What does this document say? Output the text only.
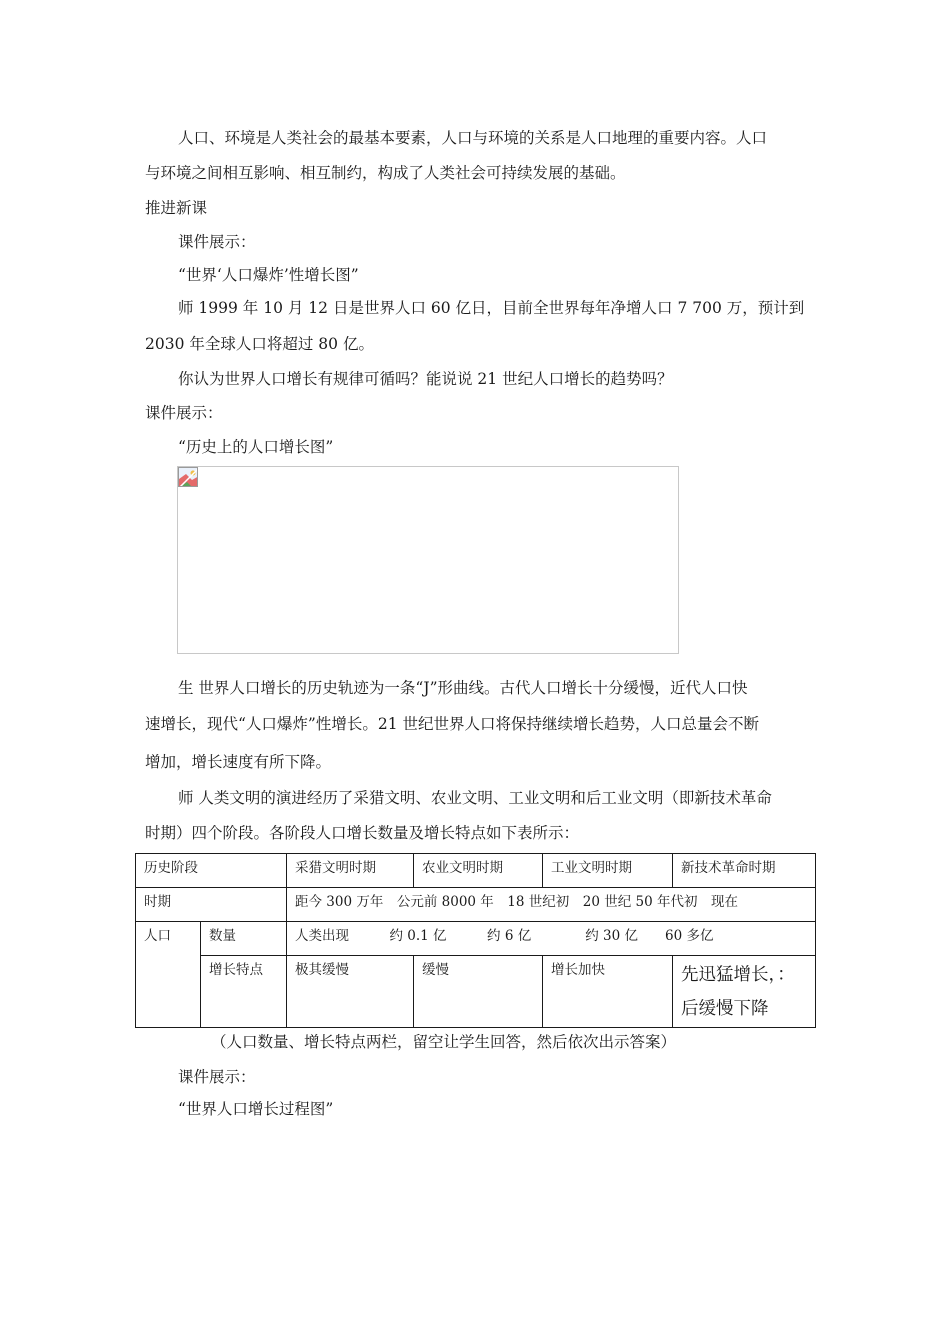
人口、环境是人类社会的最基本要素，人口与环境的关系是人口地理的重要内容。人口
与环境之间相互影响、相互制约，构成了人类社会可持续发展的基础。
推进新课
课件展示：
“世界‘人口爆炸’性增长图”
师 1999 年 10 月 12 日是世界人口 60 亿日，目前全世界每年净增人口 7 700 万，预计到
2030 年全球人口将超过 80 亿。
你认为世界人口增长有规律可循吗？能说说 21 世纪人口增长的趋势吗？
课件展示：
“历史上的人口增长图”
生 世界人口增长的历史轨迹为一条“J”形曲线。古代人口增长十分缓慢，近代人口快
速增长，现代“人口爆炸”性增长。21 世纪世界人口将保持继续增长趋势，人口总量会不断
增加，增长速度有所下降。
师 人类文明的演进经历了采猎文明、农业文明、工业文明和后工业文明（即新技术革命
时期）四个阶段。各阶段人口增长数量及增长特点如下表所示：
历史阶段		采猎文明时期	农业文明时期	工业文明时期	新技术革命时期
时期		距今 300 万年　公元前 8000 年　18 世纪初　20 世纪 50 年代初　现在			
人口	数量	人类出现　　　约 0.1 亿　　　约 6 亿　　　　约 30 亿　　60 多亿			
	增长特点	极其缓慢	缓慢	增长加快	先迅猛增长，：
后缓慢下降
（人口数量、增长特点两栏，留空让学生回答，然后依次出示答案）
课件展示：
“世界人口增长过程图”
